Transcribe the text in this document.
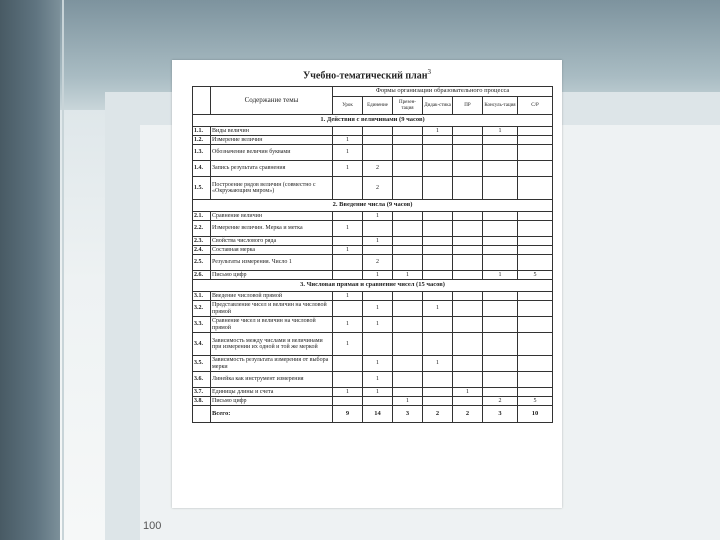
Учебно-тематический план$^3$
	Содержание темы	Формы организации образовательного процесса						
		Урок	Единение	Презен-тация	Дидак-стика	ПР	Консуль-тация	С/Р
1. Действия с величинами (9 часов)								
1.1.	Виды величин				1		1	
1.2.	Измерение величин	1						
1.3.	Обозначение величин буквами	1						
1.4.	Запись результата сравнения	1	2					
1.5.	Построение рядов величин (совместно с «Окружающим миром»)		2					
2. Введение числа (9 часов)								
2.1.	Сравнение величин		1					
2.2.	Измерение величин. Мерка и метка	1						
2.3.	Свойства числового ряда		1					
2.4.	Составная мерка	1						
2.5.	Результаты измерения. Число 1		2					
2.6.	Письмо цифр		1	1			1	5
3. Числовая прямая и сравнение чисел (15 часов)								
3.1.	Введение числовой прямой	1						
3.2.	Представление чисел и величин на числовой прямой		1		1			
3.3.	Сравнение чисел и величин на числовой прямой	1	1					
3.4.	Зависимость между числами и величинами при измерении их одной и той же меркой	1						
3.5.	Зависимость результата измерения от выбора мерки		1		1			
3.6.	Линейка как инструмент измерения		1					
3.7.	Единицы длины и счета	1	1			1		
3.8.	Письмо цифр			1			2	5
	Всего:	9	14	3	2	2	3	10
100
